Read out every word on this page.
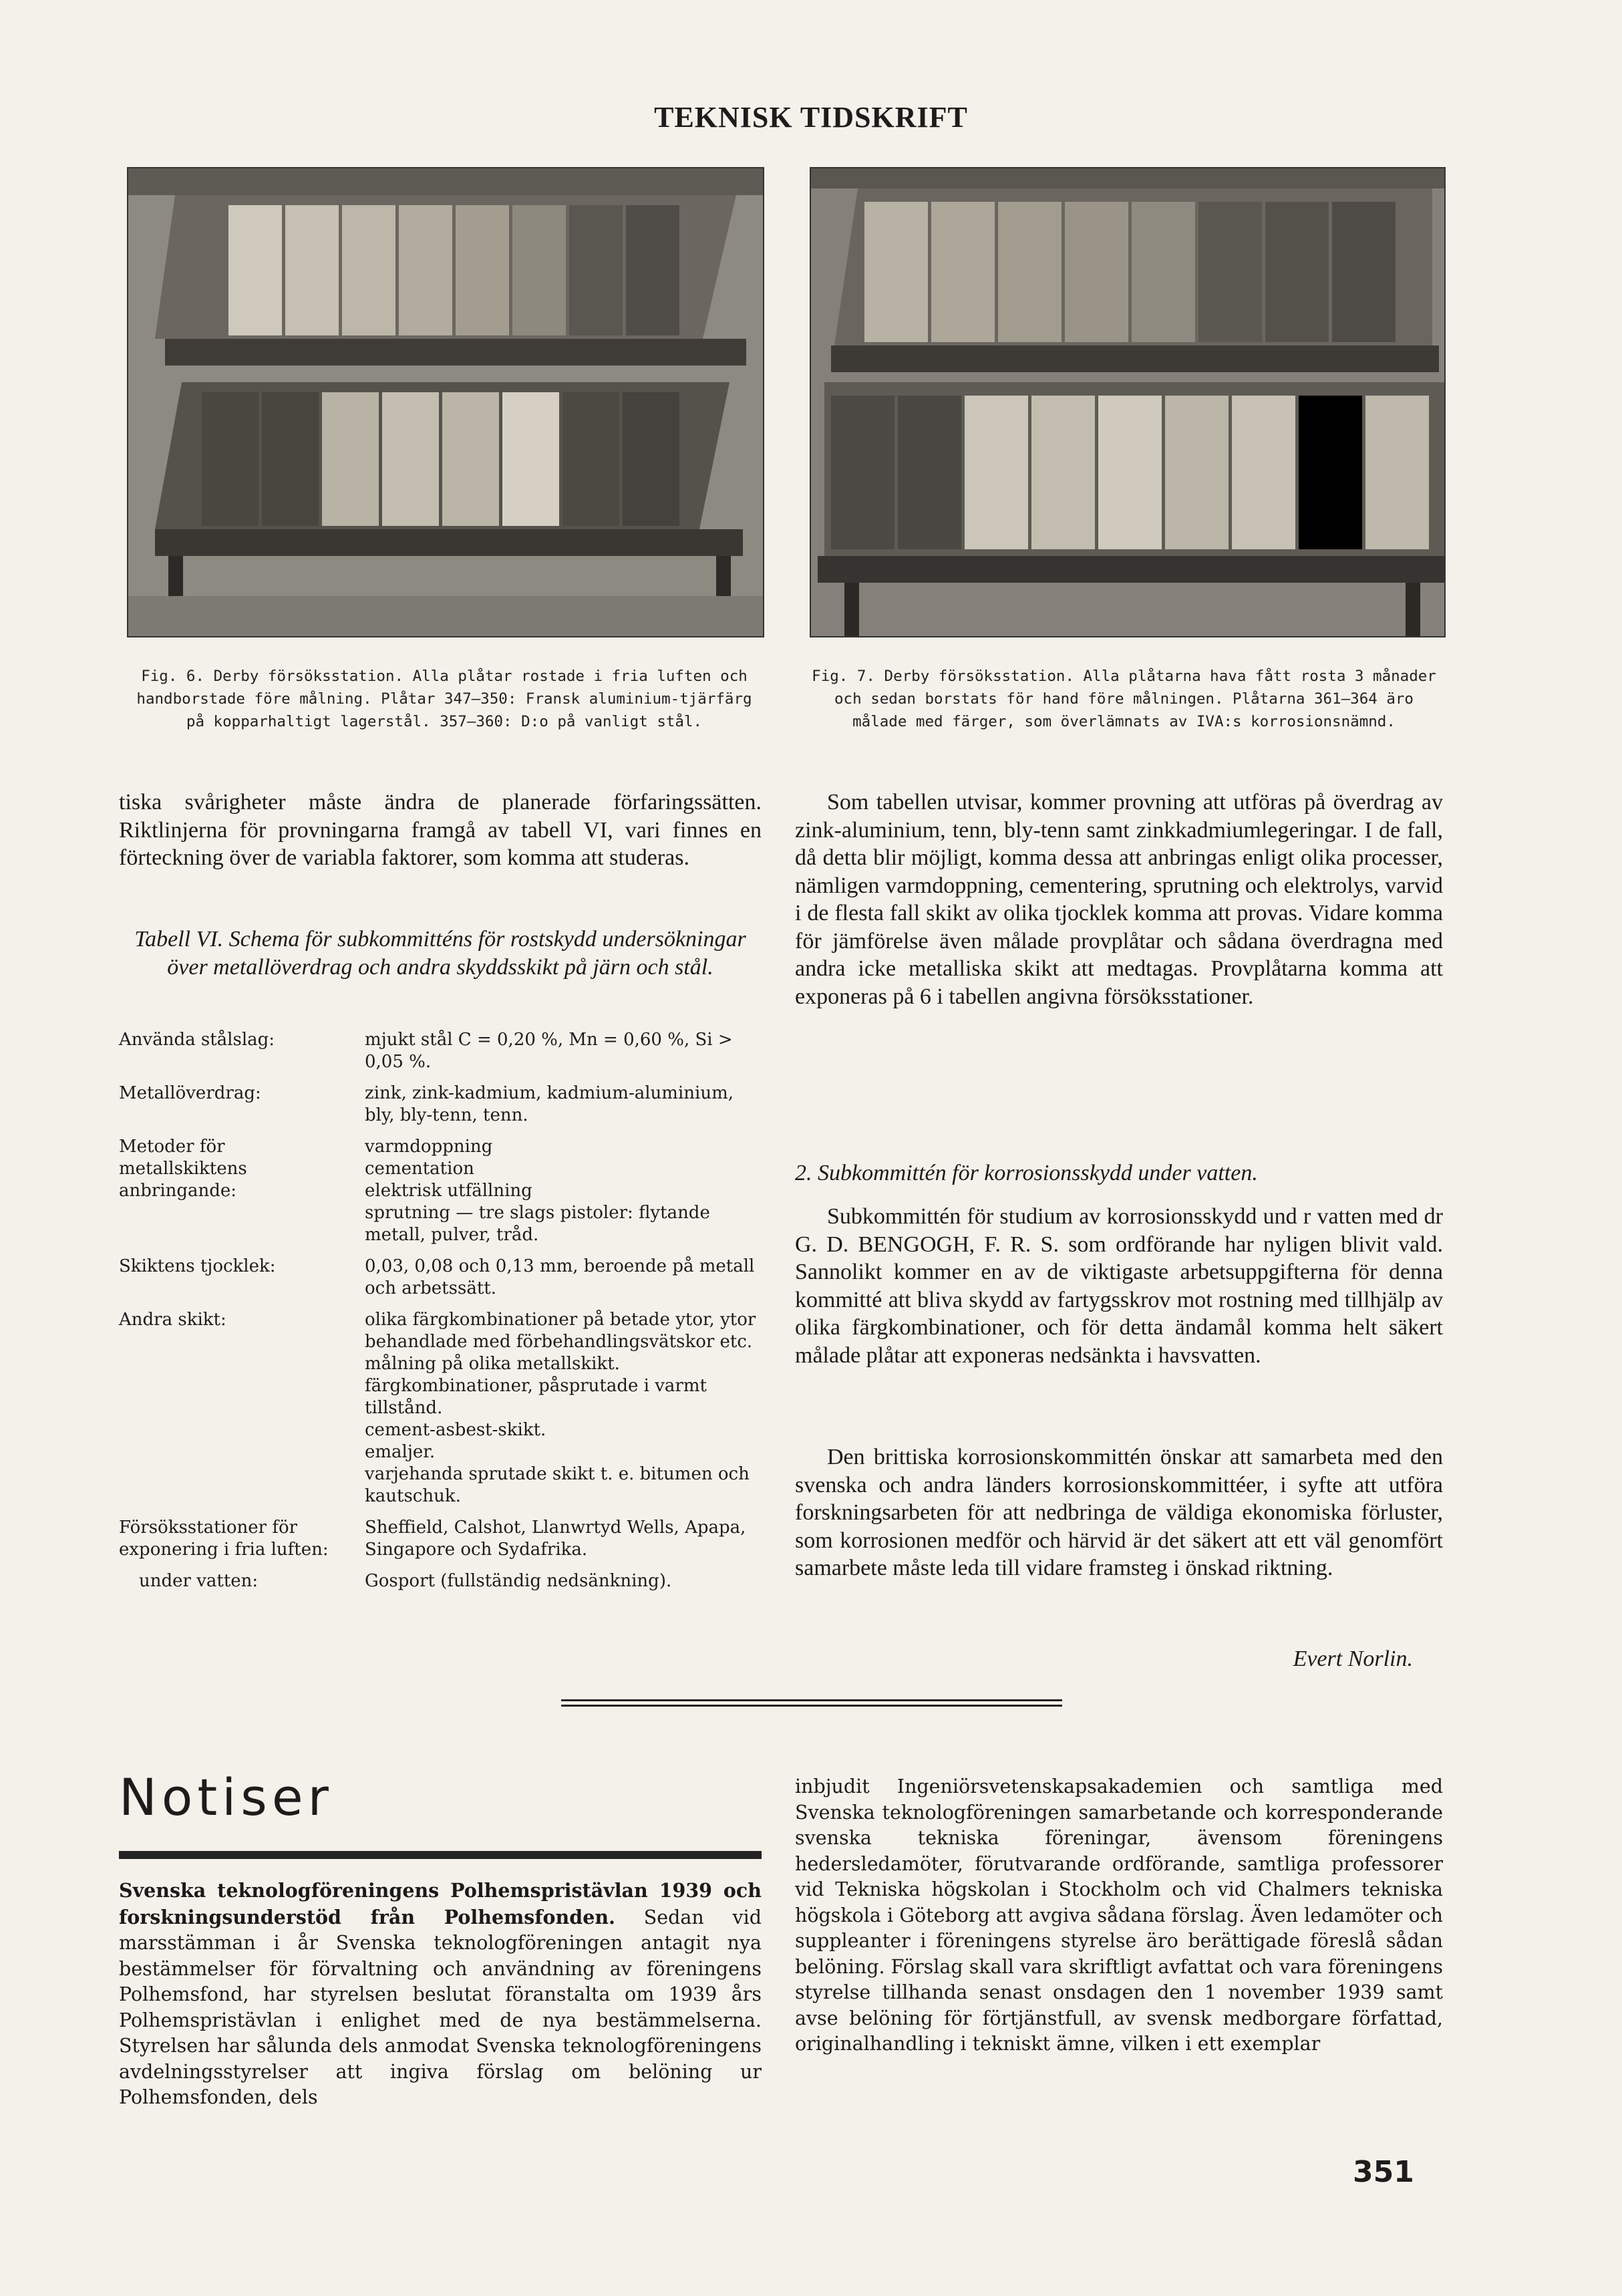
TEKNISK TIDSKRIFT
Fig. 6. Derby försöksstation. Alla plåtar rostade i fria luften och handborstade före målning. Plåtar 347—350: Fransk aluminium-tjärfärg på kopparhaltigt lagerstål. 357—360: D:o på vanligt stål.
Fig. 7. Derby försöksstation. Alla plåtarna hava fått rosta 3 månader och sedan borstats för hand före målningen. Plåtarna 361—364 äro målade med färger, som överlämnats av IVA:s korrosionsnämnd.
tiska svårigheter måste ändra de planerade förfaringssätten. Riktlinjerna för provningarna framgå av tabell VI, vari finnes en förteckning över de variabla faktorer, som komma att studeras.
Tabell VI. Schema för subkommitténs för rostskydd undersökningar över metallöverdrag och andra skyddsskikt på järn och stål.
Använda stålslag:	mjukt stål C = 0,20 %, Mn = 0,60 %, Si > 0,05 %.
Metallöverdrag:	zink, zink-kadmium, kadmium-aluminium, bly, bly-tenn, tenn.
Metoder för metallskiktens anbringande:
varmdoppning
cementation
elektrisk utfällning
sprutning — tre slags pistoler: flytande metall, pulver, tråd.
Skiktens tjocklek:	0,03, 0,08 och 0,13 mm, beroende på metall och arbetssätt.
Andra skikt:	olika färgkombinationer på betade ytor, ytor behandlade med förbehandlingsvätskor etc.
målning på olika metallskikt.
färgkombinationer, påsprutade i varmt tillstånd.
cement-asbest-skikt.
emaljer.
varjehanda sprutade skikt t. e. bitumen och kautschuk.
Försöksstationer för exponering i fria luften:
Sheffield, Calshot, Llanwrtyd Wells, Apapa, Singapore och Sydafrika.
under vatten:	Gosport (fullständig nedsänkning).
Som tabellen utvisar, kommer provning att utföras på överdrag av zink-aluminium, tenn, bly-tenn samt zinkkadmiumlegeringar. I de fall, då detta blir möjligt, komma dessa att anbringas enligt olika processer, nämligen varmdoppning, cementering, sprutning och elektrolys, varvid i de flesta fall skikt av olika tjocklek komma att provas. Vidare komma för jämförelse även målade provplåtar och sådana överdragna med andra icke metalliska skikt att medtagas. Provplåtarna komma att exponeras på 6 i tabellen angivna försöksstationer.
2. Subkommittén för korrosionsskydd under vatten.
Subkommittén för studium av korrosionsskydd und r vatten med dr G. D. BENGOGH, F. R. S. som ordförande har nyligen blivit vald. Sannolikt kommer en av de viktigaste arbetsuppgifterna för denna kommitté att bliva skydd av fartygsskrov mot rostning med tillhjälp av olika färgkombinationer, och för detta ändamål komma helt säkert målade plåtar att exponeras nedsänkta i havsvatten.
Den brittiska korrosionskommittén önskar att samarbeta med den svenska och andra länders korrosionskommittéer, i syfte att utföra forskningsarbeten för att nedbringa de väldiga ekonomiska förluster, som korrosionen medför och härvid är det säkert att ett väl genomfört samarbete måste leda till vidare framsteg i önskad riktning.
Evert Norlin.
Notiser
Svenska teknologföreningens Polhemspristävlan 1939 och forskningsunderstöd från Polhemsfonden. Sedan vid marsstämman i år Svenska teknologföreningen antagit nya bestämmelser för förvaltning och användning av föreningens Polhemsfond, har styrelsen beslutat föranstalta om 1939 års Polhemspristävlan i enlighet med de nya bestämmelserna. Styrelsen har sålunda dels anmodat Svenska teknologföreningens avdelningsstyrelser att ingiva förslag om belöning ur Polhemsfonden, dels
inbjudit Ingeniörsvetenskapsakademien och samtliga med Svenska teknologföreningen samarbetande och korresponderande svenska tekniska föreningar, ävensom föreningens hedersledamöter, förutvarande ordförande, samtliga professorer vid Tekniska högskolan i Stockholm och vid Chalmers tekniska högskola i Göteborg att avgiva sådana förslag. Även ledamöter och suppleanter i föreningens styrelse äro berättigade föreslå sådan belöning. Förslag skall vara skriftligt avfattat och vara föreningens styrelse tillhanda senast onsdagen den 1 november 1939 samt avse belöning för förtjänstfull, av svensk medborgare författad, originalhandling i tekniskt ämne, vilken i ett exemplar
351
